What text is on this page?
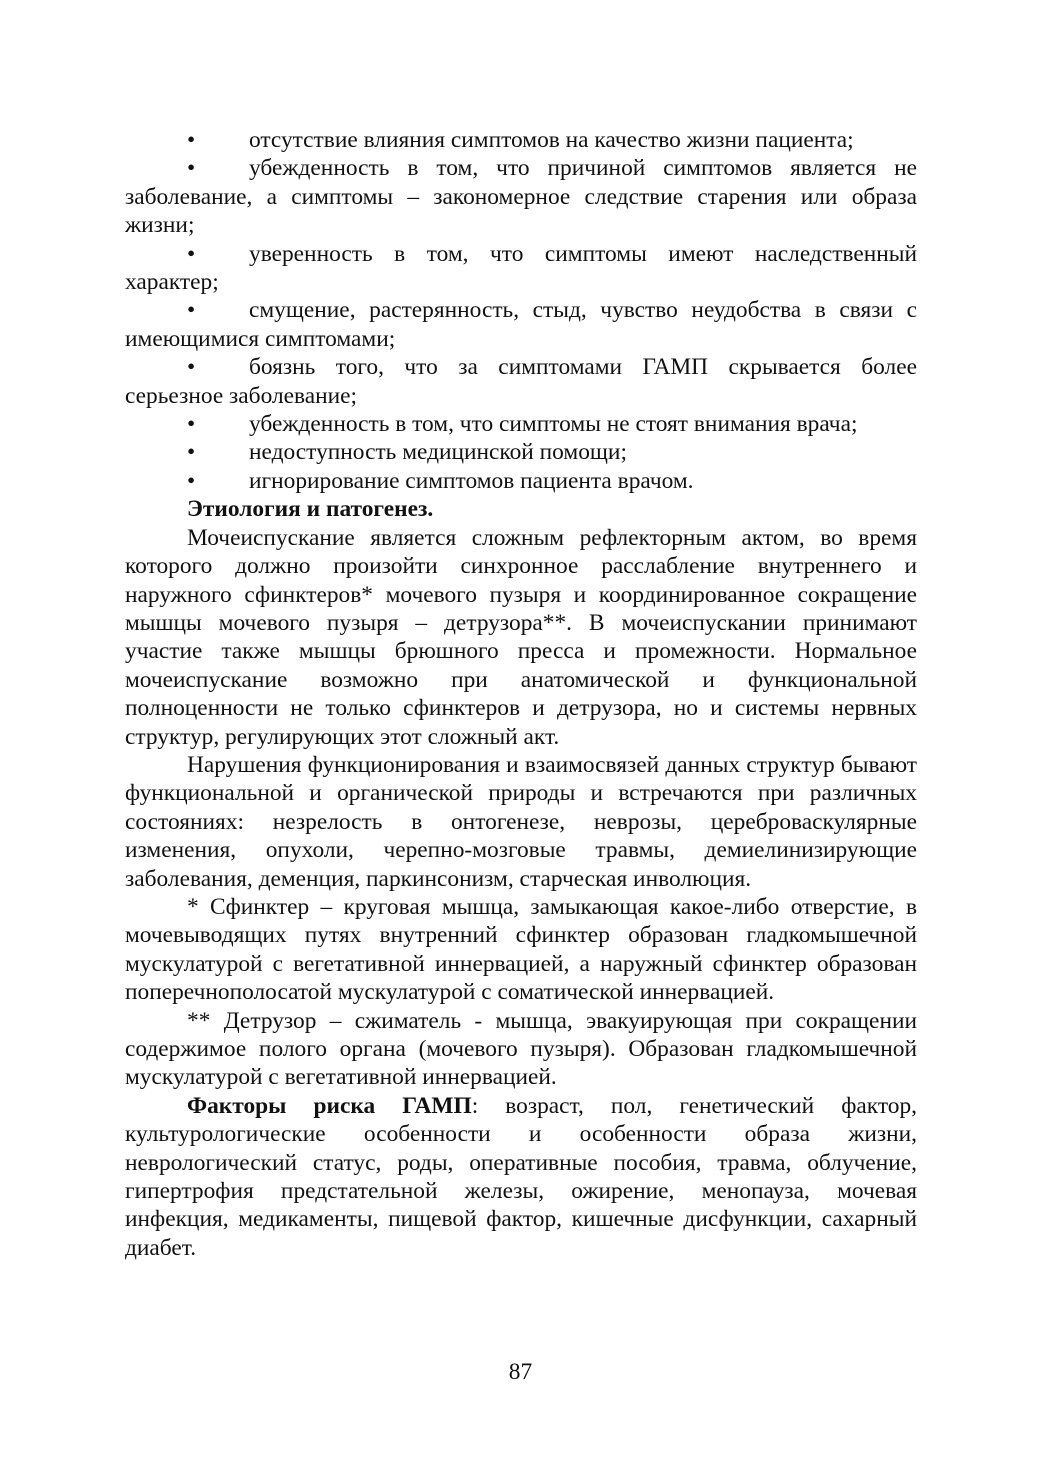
• отсутствие влияния симптомов на качество жизни пациента;
• убежденность в том, что причиной симптомов является не заболевание, а симптомы – закономерное следствие старения или образа жизни;
• уверенность в том, что симптомы имеют наследственный характер;
• смущение, растерянность, стыд, чувство неудобства в связи с имеющимися симптомами;
• боязнь того, что за симптомами ГАМП скрывается более серьезное заболевание;
• убежденность в том, что симптомы не стоят внимания врача;
• недоступность медицинской помощи;
• игнорирование симптомов пациента врачом.
Этиология и патогенез.

Мочеиспускание является сложным рефлекторным актом, во время которого должно произойти синхронное расслабление внутреннего и наружного сфинктеров* мочевого пузыря и координированное сокращение мышцы мочевого пузыря – детрузора**. В мочеиспускании принимают участие также мышцы брюшного пресса и промежности. Нормальное мочеиспускание возможно при анатомической и функциональной полноценности не только сфинктеров и детрузора, но и системы нервных структур, регулирующих этот сложный акт.

Нарушения функционирования и взаимосвязей данных структур бывают функциональной и органической природы и встречаются при различных состояниях: незрелость в онтогенезе, неврозы, цереброваскулярные изменения, опухоли, черепно-мозговые травмы, демиелинизирующие заболевания, деменция, паркинсонизм, старческая инволюция.

* Сфинктер – круговая мышца, замыкающая какое-либо отверстие, в мочевыводящих путях внутренний сфинктер образован гладкомышечной мускулатурой с вегетативной иннервацией, а наружный сфинктер образован поперечнополосатой мускулатурой с соматической иннервацией.

** Детрузор – сжиматель - мышца, эвакуирующая при сокращении содержимое полого органа (мочевого пузыря). Образован гладкомышечной мускулатурой с вегетативной иннервацией.

Факторы риска ГАМП: возраст, пол, генетический фактор, культурологические особенности и особенности образа жизни, неврологический статус, роды, оперативные пособия, травма, облучение, гипертрофия предстательной железы, ожирение, менопауза, мочевая инфекция, медикаменты, пищевой фактор, кишечные дисфункции, сахарный диабет.

87
